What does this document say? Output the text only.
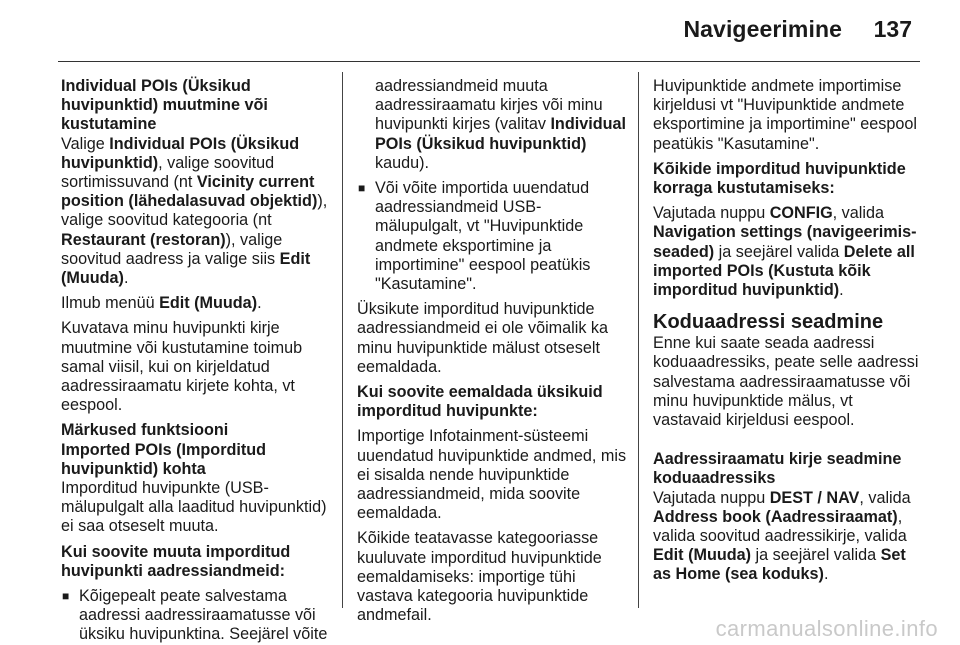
Navigeerimine 137

Individual POIs (Üksikud huvipunktid) muutmine või kustutamine

Valige Individual POIs (Üksikud huvipunktid), valige soovitud sortimissuvand (nt Vicinity current position (lähedalasuvad objektid)), valige soovitud kategooria (nt Restaurant (restoran)), valige soovitud aadress ja valige siis Edit (Muuda).

Ilmub menüü Edit (Muuda).

Kuvatava minu huvipunkti kirje muutmine või kustutamine toimub samal viisil, kui on kirjeldatud aadressiraamatu kirjete kohta, vt eespool.

Märkused funktsiooni
Imported POIs (Imporditud huvipunktid) kohta

Imporditud huvipunkte (USB-mälupulgalt alla laaditud huvipunktid) ei saa otseselt muuta.

Kui soovite muuta imporditud huvipunkti aadressiandmeid:

■ Kõigepealt peate salvestama aadressi aadressiraamatusse või üksiku huvipunktina. Seejärel võite
aadressiandmeid muuta aadressiraamatu kirjes või minu huvipunkti kirjes (valitav Individual POIs (Üksikud huvipunktid) kaudu).
■ Või võite importida uuendatud aadressiandmeid USB-mälupulgalt, vt "Huvipunktide andmete eksportimine ja importimine" eespool peatükis "Kasutamine".

Üksikute imporditud huvipunktide aadressiandmeid ei ole võimalik ka minu huvipunktide mälust otseselt eemaldada.

Kui soovite eemaldada üksikuid imporditud huvipunkte:

Importige Infotainment-süsteemi uuendatud huvipunktide andmed, mis ei sisalda nende huvipunktide aadressiandmeid, mida soovite eemaldada.

Kõikide teatavasse kategooriasse kuuluvate imporditud huvipunktide eemaldamiseks: importige tühi vastava kategooria huvipunktide andmefail.

Huvipunktide andmete importimise kirjeldusi vt "Huvipunktide andmete eksportimine ja importimine" eespool peatükis "Kasutamine".

Kõikide imporditud huvipunktide korraga kustutamiseks:

Vajutada nuppu CONFIG, valida Navigation settings (navigeerimisseaded) ja seejärel valida Delete all imported POIs (Kustuta kõik imporditud huvipunktid).

Koduaadressi seadmine

Enne kui saate seada aadressi koduaadressiks, peate selle aadressi salvestama aadressiraamatusse või minu huvipunktide mälus, vt vastavaid kirjeldusi eespool.

Aadressiraamatu kirje seadmine koduaadressiks

Vajutada nuppu DEST / NAV, valida Address book (Aadressiraamat), valida soovitud aadressikirje, valida Edit (Muuda) ja seejärel valida Set as Home (sea koduks).

carmanualsonline.info
